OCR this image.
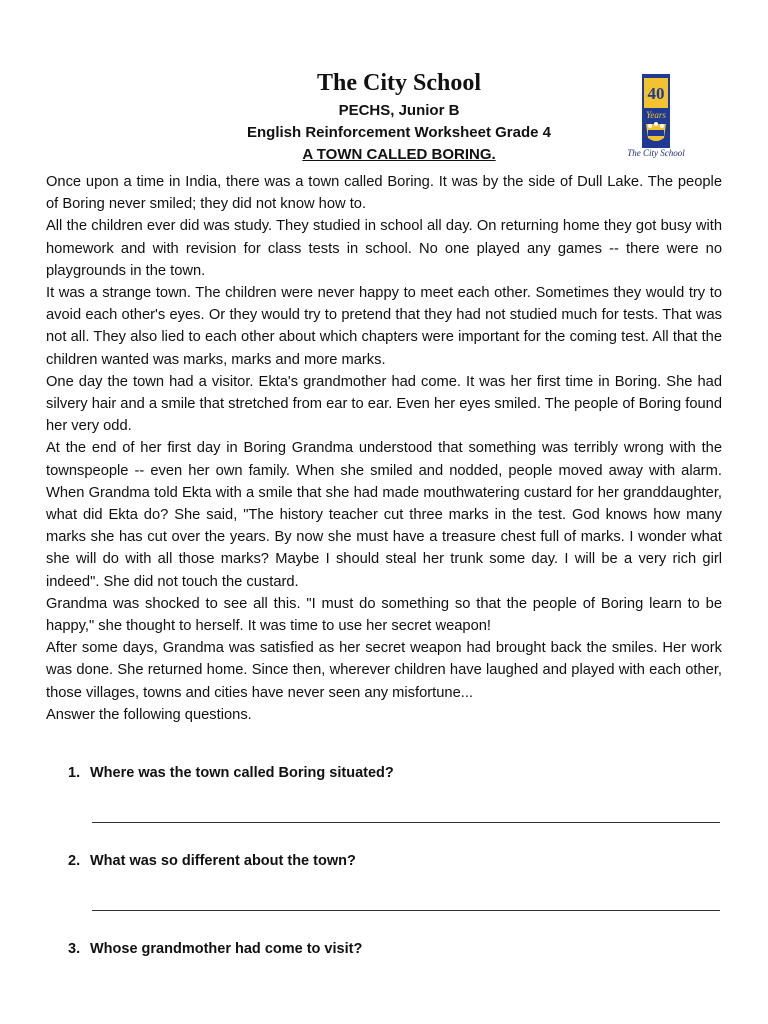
The City School
PECHS, Junior B
English Reinforcement Worksheet Grade 4
A TOWN CALLED BORING.
40
Years
The City School

Once upon a time in India, there was a town called Boring. It was by the side of Dull Lake. The people of Boring never smiled; they did not know how to.

All the children ever did was study. They studied in school all day. On returning home they got busy with homework and with revision for class tests in school. No one played any games -- there were no playgrounds in the town.

It was a strange town. The children were never happy to meet each other. Sometimes they would try to avoid each other's eyes. Or they would try to pretend that they had not studied much for tests. That was not all. They also lied to each other about which chapters were important for the coming test. All that the children wanted was marks, marks and more marks.

One day the town had a visitor. Ekta's grandmother had come. It was her first time in Boring. She had silvery hair and a smile that stretched from ear to ear. Even her eyes smiled. The people of Boring found her very odd.

At the end of her first day in Boring Grandma understood that something was terribly wrong with the townspeople -- even her own family. When she smiled and nodded, people moved away with alarm. When Grandma told Ekta with a smile that she had made mouthwatering custard for her granddaughter, what did Ekta do? She said, "The history teacher cut three marks in the test. God knows how many marks she has cut over the years. By now she must have a treasure chest full of marks. I wonder what she will do with all those marks? Maybe I should steal her trunk some day. I will be a very rich girl indeed". She did not touch the custard.

Grandma was shocked to see all this. "I must do something so that the people of Boring learn to be happy," she thought to herself. It was time to use her secret weapon!

After some days, Grandma was satisfied as her secret weapon had brought back the smiles. Her work was done. She returned home. Since then, wherever children have laughed and played with each other, those villages, towns and cities have never seen any misfortune...

Answer the following questions.

1. Where was the town called Boring situated?
2. What was so different about the town?
3. Whose grandmother had come to visit?
